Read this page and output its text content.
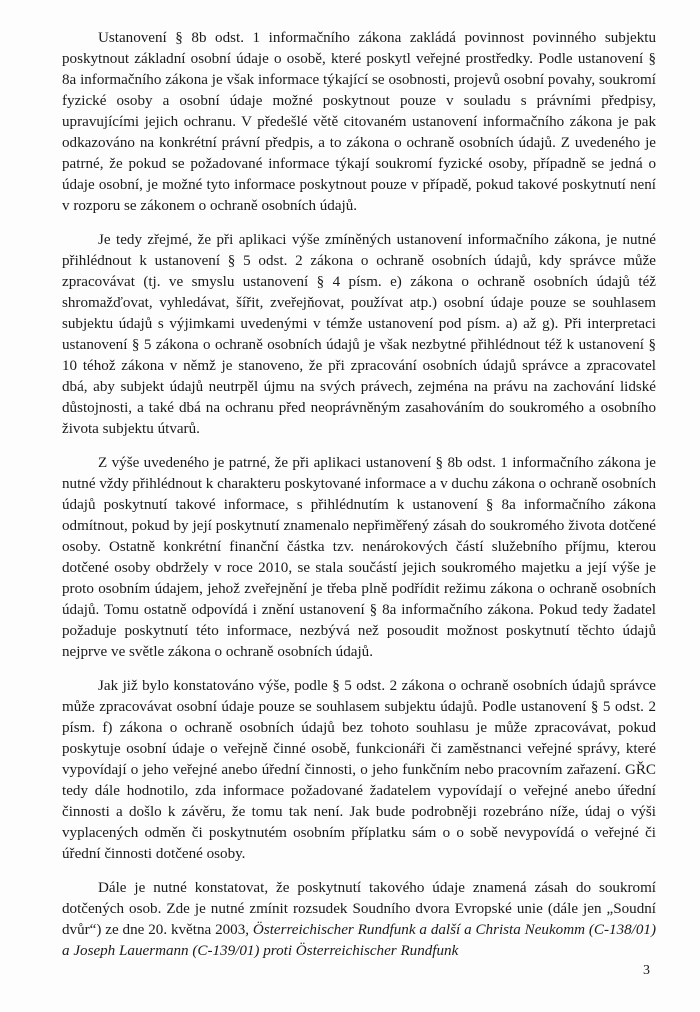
Ustanovení § 8b odst. 1 informačního zákona zakládá povinnost povinného subjektu poskytnout základní osobní údaje o osobě, které poskytl veřejné prostředky. Podle ustanovení § 8a informačního zákona je však informace týkající se osobnosti, projevů osobní povahy, soukromí fyzické osoby a osobní údaje možné poskytnout pouze v souladu s právními předpisy, upravujícími jejich ochranu. V předešlé větě citovaném ustanovení informačního zákona je pak odkazováno na konkrétní právní předpis, a to zákona o ochraně osobních údajů. Z uvedeného je patrné, že pokud se požadované informace týkají soukromí fyzické osoby, případně se jedná o údaje osobní, je možné tyto informace poskytnout pouze v případě, pokud takové poskytnutí není v rozporu se zákonem o ochraně osobních údajů.

Je tedy zřejmé, že při aplikaci výše zmíněných ustanovení informačního zákona, je nutné přihlédnout k ustanovení § 5 odst. 2 zákona o ochraně osobních údajů, kdy správce může zpracovávat (tj. ve smyslu ustanovení § 4 písm. e) zákona o ochraně osobních údajů též shromažďovat, vyhledávat, šířit, zveřejňovat, používat atp.) osobní údaje pouze se souhlasem subjektu údajů s výjimkami uvedenými v témže ustanovení pod písm. a) až g). Při interpretaci ustanovení § 5 zákona o ochraně osobních údajů je však nezbytné přihlédnout též k ustanovení § 10 téhož zákona v němž je stanoveno, že při zpracování osobních údajů správce a zpracovatel dbá, aby subjekt údajů neutrpěl újmu na svých právech, zejména na právu na zachování lidské důstojnosti, a také dbá na ochranu před neoprávněným zasahováním do soukromého a osobního života subjektu útvarů.

Z výše uvedeného je patrné, že při aplikaci ustanovení § 8b odst. 1 informačního zákona je nutné vždy přihlédnout k charakteru poskytované informace a v duchu zákona o ochraně osobních údajů poskytnutí takové informace, s přihlédnutím k ustanovení § 8a informačního zákona odmítnout, pokud by její poskytnutí znamenalo nepřiměřený zásah do soukromého života dotčené osoby. Ostatně konkrétní finanční částka tzv. nenárokových částí služebního příjmu, kterou dotčené osoby obdržely v roce 2010, se stala součástí jejich soukromého majetku a její výše je proto osobním údajem, jehož zveřejnění je třeba plně podřídit režimu zákona o ochraně osobních údajů. Tomu ostatně odpovídá i znění ustanovení § 8a informačního zákona. Pokud tedy žadatel požaduje poskytnutí této informace, nezbývá než posoudit možnost poskytnutí těchto údajů nejprve ve světle zákona o ochraně osobních údajů.

Jak již bylo konstatováno výše, podle § 5 odst. 2 zákona o ochraně osobních údajů správce může zpracovávat osobní údaje pouze se souhlasem subjektu údajů. Podle ustanovení § 5 odst. 2 písm. f) zákona o ochraně osobních údajů bez tohoto souhlasu je může zpracovávat, pokud poskytuje osobní údaje o veřejně činné osobě, funkcionáři či zaměstnanci veřejné správy, které vypovídají o jeho veřejné anebo úřední činnosti, o jeho funkčním nebo pracovním zařazení. GŘC tedy dále hodnotilo, zda informace požadované žadatelem vypovídají o veřejné anebo úřední činnosti a došlo k závěru, že tomu tak není. Jak bude podrobněji rozebráno níže, údaj o výši vyplacených odměn či poskytnutém osobním příplatku sám o o sobě nevypovídá o veřejné či úřední činnosti dotčené osoby.

Dále je nutné konstatovat, že poskytnutí takového údaje znamená zásah do soukromí dotčených osob. Zde je nutné zmínit rozsudek Soudního dvora Evropské unie (dále jen „Soudní dvůr“) ze dne 20. května 2003, Österreichischer Rundfunk a další a Christa Neukomm (C-138/01) a Joseph Lauermann (C-139/01) proti Österreichischer Rundfunk

3
